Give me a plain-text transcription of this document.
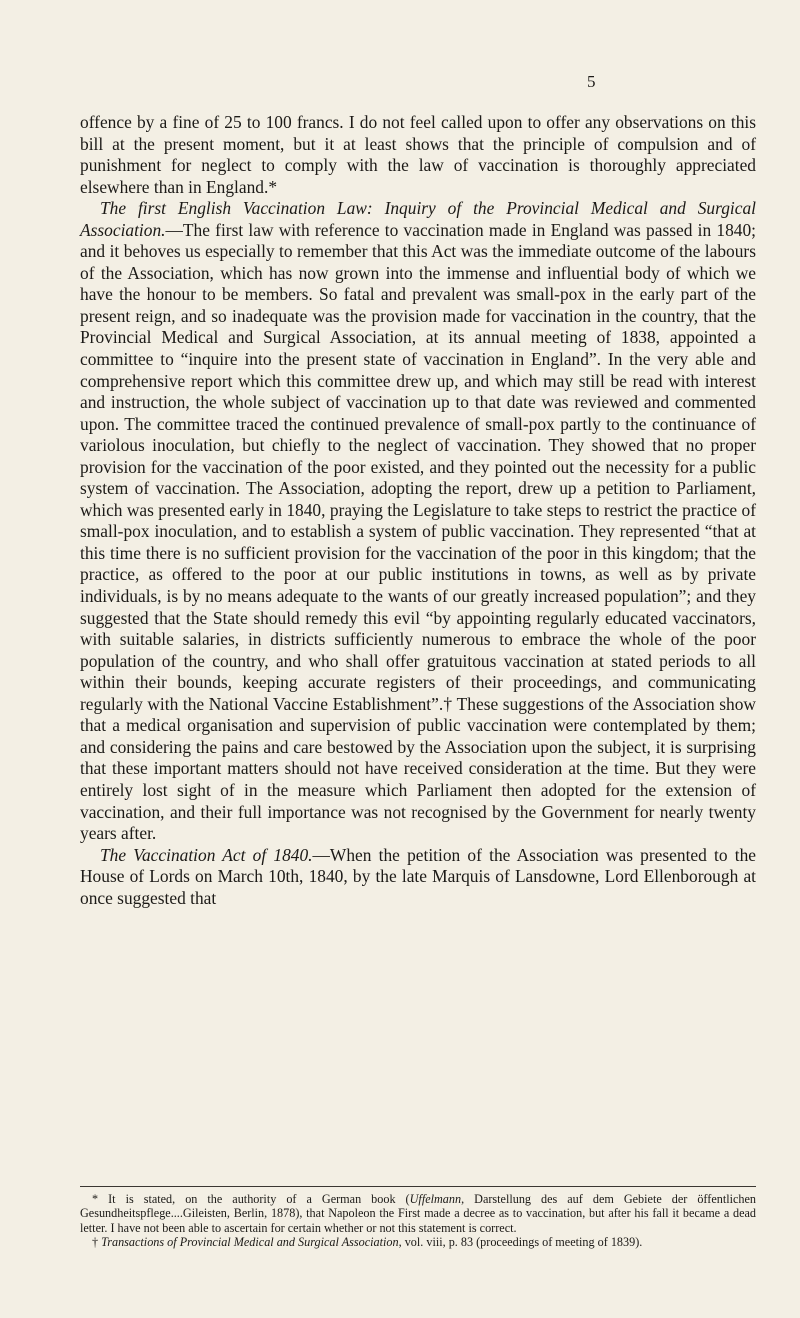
5

offence by a fine of 25 to 100 francs. I do not feel called upon to offer any observations on this bill at the present moment, but it at least shows that the principle of compulsion and of punishment for neglect to comply with the law of vaccination is thoroughly appreciated elsewhere than in England.*

The first English Vaccination Law: Inquiry of the Provincial Medical and Surgical Association.—The first law with reference to vaccination made in England was passed in 1840; and it behoves us especially to remember that this Act was the immediate outcome of the labours of the Association, which has now grown into the immense and influential body of which we have the honour to be members. So fatal and prevalent was small-pox in the early part of the present reign, and so inadequate was the provision made for vaccination in the country, that the Provincial Medical and Surgical Association, at its annual meeting of 1838, appointed a committee to “inquire into the present state of vaccination in England”. In the very able and comprehensive report which this committee drew up, and which may still be read with interest and instruction, the whole subject of vaccination up to that date was reviewed and commented upon. The committee traced the continued prevalence of small-pox partly to the continuance of variolous inoculation, but chiefly to the neglect of vaccination. They showed that no proper provision for the vaccination of the poor existed, and they pointed out the necessity for a public system of vaccination. The Association, adopting the report, drew up a petition to Parliament, which was presented early in 1840, praying the Legislature to take steps to restrict the practice of small-pox inoculation, and to establish a system of public vaccination. They represented “that at this time there is no sufficient provision for the vaccination of the poor in this kingdom; that the practice, as offered to the poor at our public institutions in towns, as well as by private individuals, is by no means adequate to the wants of our greatly increased population”; and they suggested that the State should remedy this evil “by appointing regularly educated vaccinators, with suitable salaries, in districts sufficiently numerous to embrace the whole of the poor population of the country, and who shall offer gratuitous vaccination at stated periods to all within their bounds, keeping accurate registers of their proceedings, and communicating regularly with the National Vaccine Establishment”.† These suggestions of the Association show that a medical organisation and supervision of public vaccination were contemplated by them; and considering the pains and care bestowed by the Association upon the subject, it is surprising that these important matters should not have received consideration at the time. But they were entirely lost sight of in the measure which Parliament then adopted for the extension of vaccination, and their full importance was not recognised by the Government for nearly twenty years after.

The Vaccination Act of 1840.—When the petition of the Association was presented to the House of Lords on March 10th, 1840, by the late Marquis of Lansdowne, Lord Ellenborough at once suggested that

* It is stated, on the authority of a German book (Uffelmann, Darstellung des auf dem Gebiete der öffentlichen Gesundheitspflege....Gileisten, Berlin, 1878), that Napoleon the First made a decree as to vaccination, but after his fall it became a dead letter. I have not been able to ascertain for certain whether or not this statement is correct.

† Transactions of Provincial Medical and Surgical Association, vol. viii, p. 83 (proceedings of meeting of 1839).
